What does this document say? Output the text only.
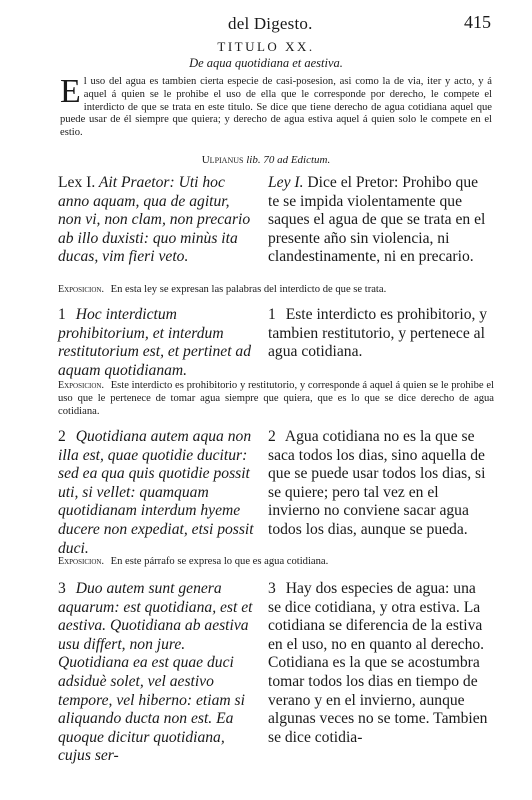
del Digesto.	415
TITULO XX.
De aqua quotidiana et aestiva.
El uso del agua es tambien cierta especie de casi-posesion, asi como la de via, iter y acto, y á aquel á quien se le prohibe el uso de ella que le corresponde por derecho, le compete el interdicto de que se trata en este titulo. Se dice que tiene derecho de agua cotidiana aquel que puede usar de él siempre que quiera; y derecho de agua estiva aquel á quien solo le compete en el estio.
Ulpianus lib. 70 ad Edictum.
Lex I. Ait Praetor: Uti hoc anno aquam, qua de agitur, non vi, non clam, non precario ab illo duxisti: quo minùs ita ducas, vim fieri veto.
Ley I. Dice el Pretor: Prohibo que te se impida violentamente que saques el agua de que se trata en el presente año sin violencia, ni clandestinamente, ni en precario.
Exposicion. En esta ley se expresan las palabras del interdicto de que se trata.
1 Hoc interdictum prohibitorium, et interdum restitutorium est, et pertinet ad aquam quotidianam.
1 Este interdicto es prohibitorio, y tambien restitutorio, y pertenece al agua cotidiana.
Exposicion. Este interdicto es prohibitorio y restitutorio, y corresponde á aquel á quien se le prohibe el uso que le pertenece de tomar agua siempre que quiera, que es lo que se dice derecho de agua cotidiana.
2 Quotidiana autem aqua non illa est, quae quotidie ducitur: sed ea qua quis quotidie possit uti, si vellet: quamquam quotidianam interdum hyeme ducere non expediat, etsi possit duci.
2 Agua cotidiana no es la que se saca todos los dias, sino aquella de que se puede usar todos los dias, si se quiere; pero tal vez en el invierno no conviene sacar agua todos los dias, aunque se pueda.
Exposicion. En este párrafo se expresa lo que es agua cotidiana.
3 Duo autem sunt genera aquarum: est quotidiana, est et aestiva. Quotidiana ab aestiva usu differt, non jure. Quotidiana ea est quae duci adsiduè solet, vel aestivo tempore, vel hiberno: etiam si aliquando ducta non est. Ea quoque dicitur quotidiana, cujus ser-
3 Hay dos especies de agua: una se dice cotidiana, y otra estiva. La cotidiana se diferencia de la estiva en el uso, no en quanto al derecho. Cotidiana es la que se acostumbra tomar todos los dias en tiempo de verano y en el invierno, aunque algunas veces no se tome. Tambien se dice cotidia-
